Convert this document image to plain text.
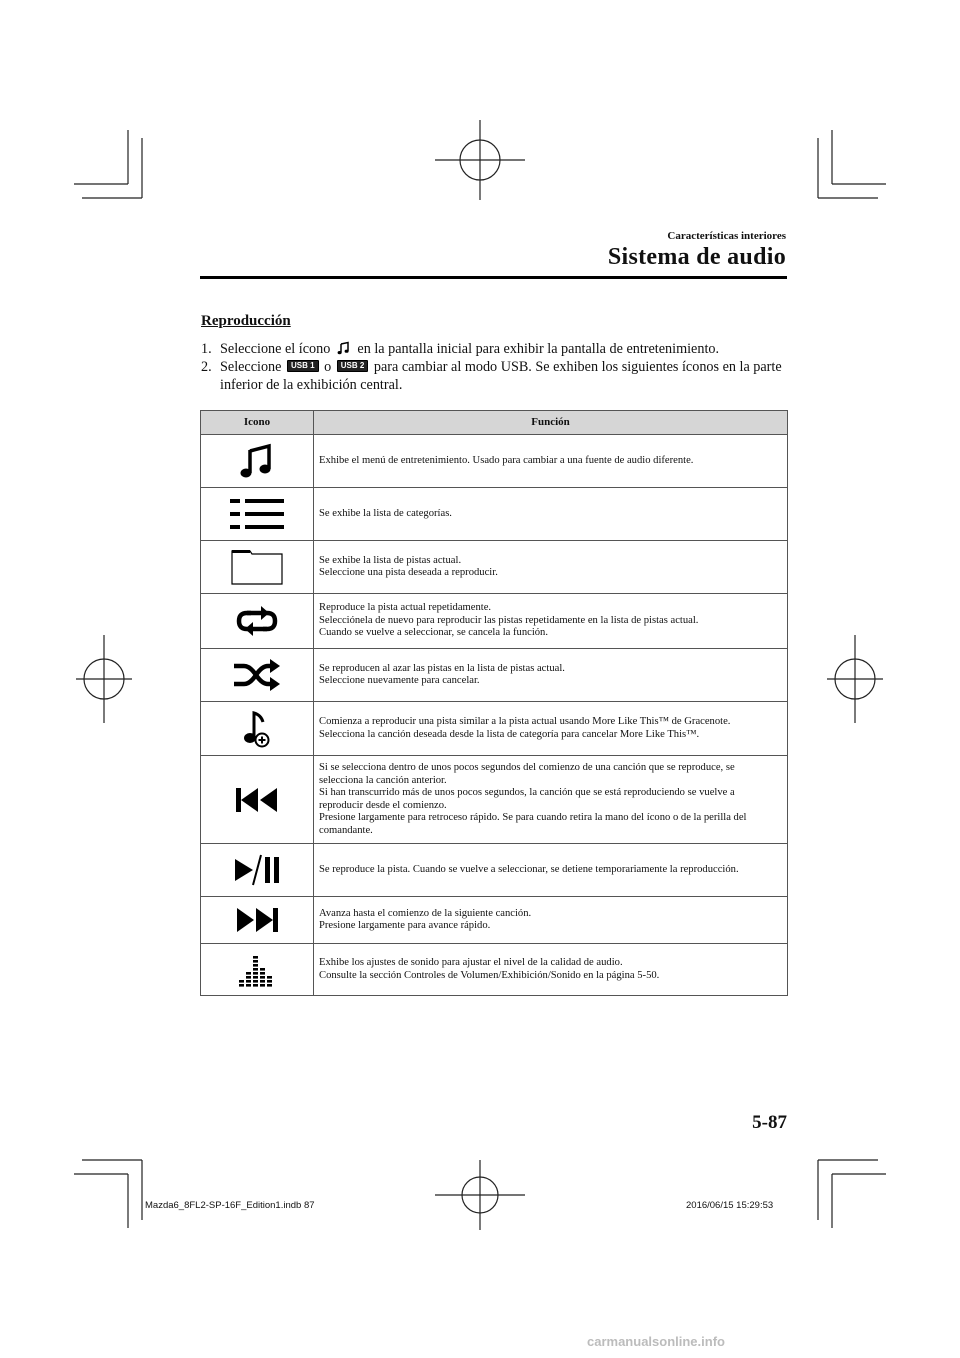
Características interiores
Sistema de audio
Reproducción
1. Seleccione el ícono en la pantalla inicial para exhibir la pantalla de entretenimiento.
2. Seleccione USB 1 o USB 2 para cambiar al modo USB. Se exhiben los siguientes íconos en la parte inferior de la exhibición central.
Icono	Función

Exhibe el menú de entretenimiento. Usado para cambiar a una fuente de audio diferente.

Se exhibe la lista de categorías.

Se exhibe la lista de pistas actual.
Seleccione una pista deseada a reproducir.

Reproduce la pista actual repetidamente.
Selecciónela de nuevo para reproducir las pistas repetidamente en la lista de pistas actual.
Cuando se vuelve a seleccionar, se cancela la función.

Se reproducen al azar las pistas en la lista de pistas actual.
Seleccione nuevamente para cancelar.

Comienza a reproducir una pista similar a la pista actual usando More Like This™ de Gracenote.
Selecciona la canción deseada desde la lista de categoría para cancelar More Like This™.

Si se selecciona dentro de unos pocos segundos del comienzo de una canción que se reproduce, se selecciona la canción anterior.
Si han transcurrido más de unos pocos segundos, la canción que se está reproduciendo se vuelve a reproducir desde el comienzo.
Presione largamente para retroceso rápido. Se para cuando retira la mano del ícono o de la perilla del comandante.

Se reproduce la pista. Cuando se vuelve a seleccionar, se detiene temporariamente la reproducción.

Avanza hasta el comienzo de la siguiente canción.
Presione largamente para avance rápido.

Exhibe los ajustes de sonido para ajustar el nivel de la calidad de audio.
Consulte la sección Controles de Volumen/Exhibición/Sonido en la página 5-50.
5-87
Mazda6_8FL2-SP-16F_Edition1.indb 87	2016/06/15 15:29:53
carmanualsonline.info
